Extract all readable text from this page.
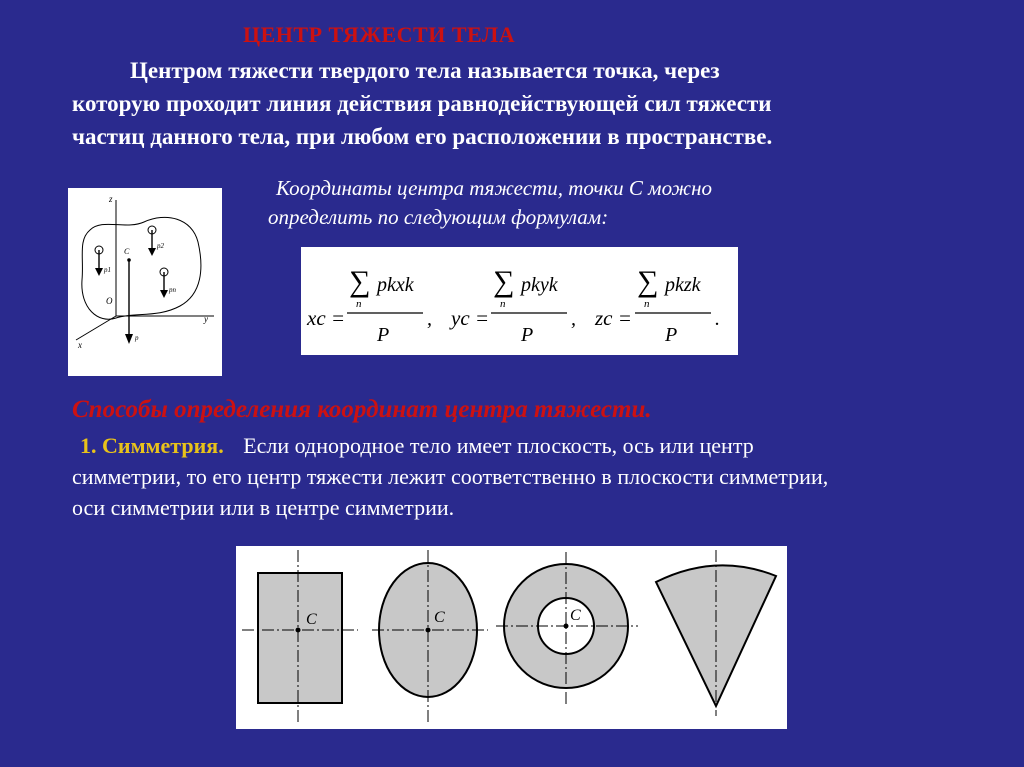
ЦЕНТР ТЯЖЕСТИ ТЕЛА
Центром тяжести твердого тела называется точка, через
которую проходит линия действия равнодействующей сил тяжести
частиц данного тела, при любом его расположении в пространстве.
Координаты центра тяжести, точки С можно
определить по следующим формулам:
z
y
x
O
p1
p2
pn
C
p
xc =
∑
n
pkxk
P
, yc =
∑
n
pkyk
P
, zc =
∑
n
pkzk
P
.
Способы определения координат центра тяжести.
1. Симметрия. Если однородное тело имеет плоскость, ось или центр
симметрии, то его центр тяжести лежит соответственно в плоскости симметрии,
оси симметрии или в центре симметрии.
C	C	C
